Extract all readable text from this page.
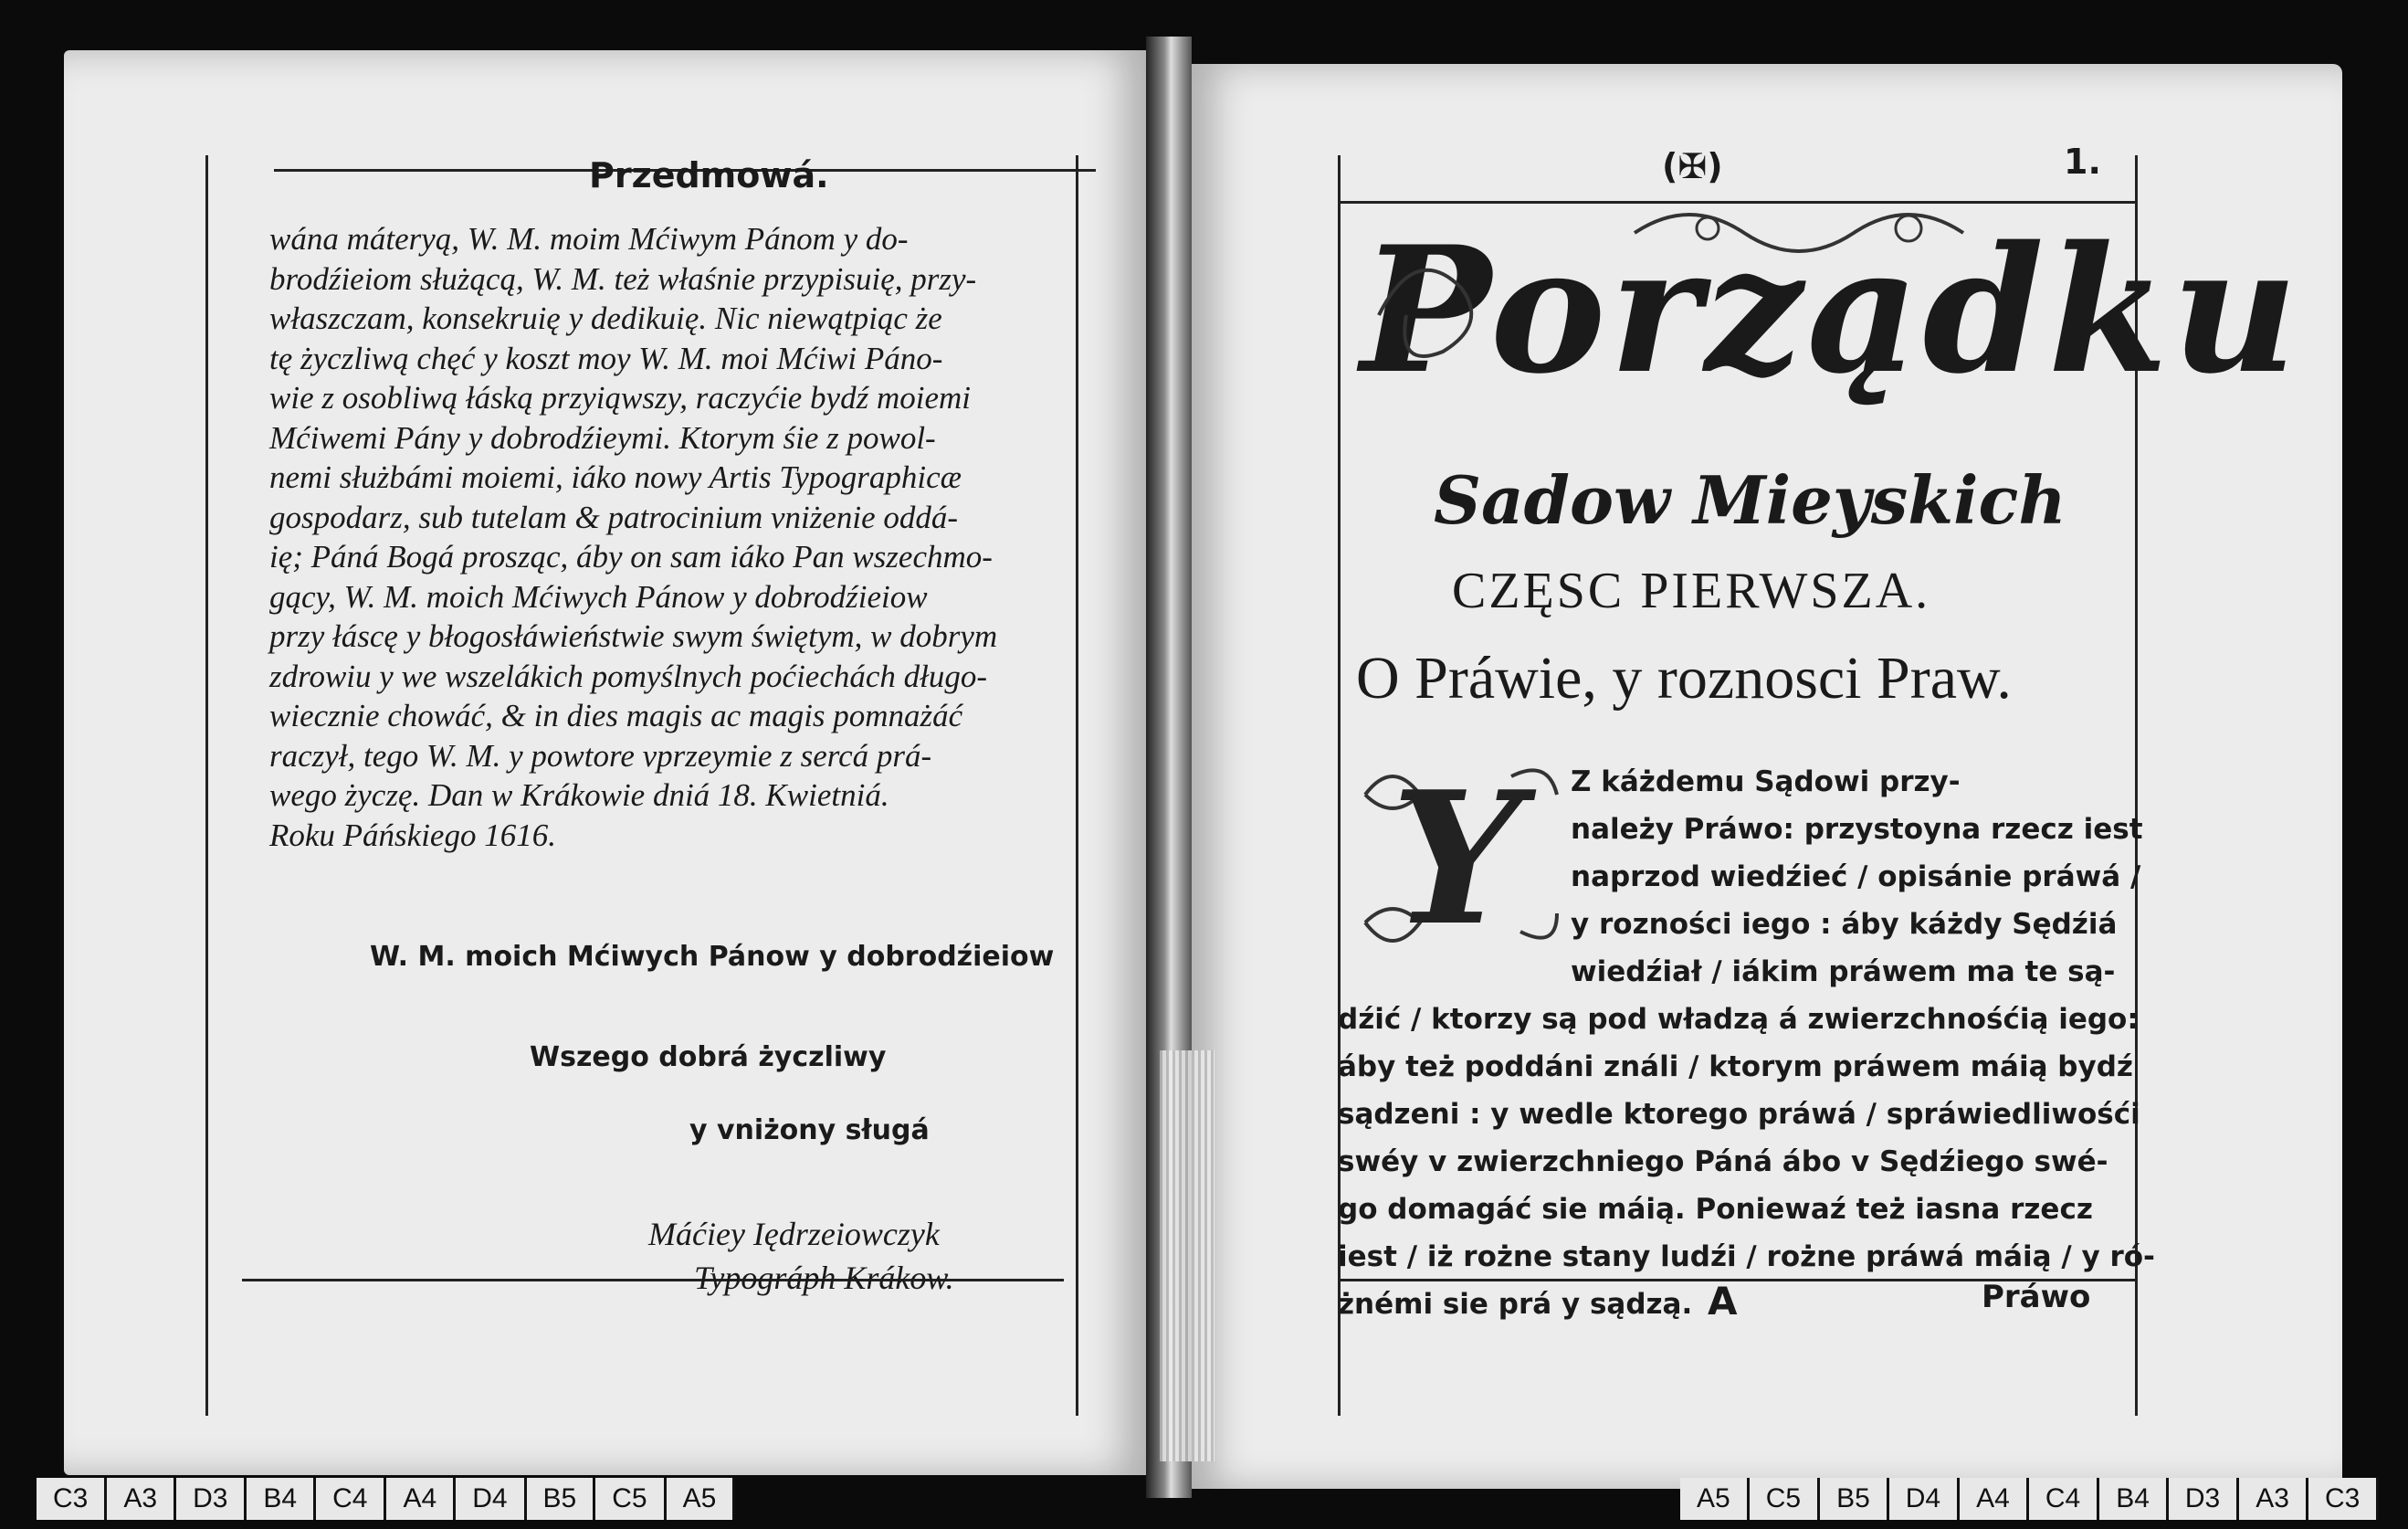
Przedmowá.

wána máteryą, W. M. moim Mćiwym Pánom y do-

brodźieiom służącą, W. M. też właśnie przypisuię, przy-

właszczam, konsekruię y dedikuię. Nic niewątpiąc że

tę życzliwą chęć y koszt moy W. M. moi Mćiwi Páno-

wie z osobliwą łáską przyiąwszy, raczyćie bydź moiemi

Mćiwemi Pány y dobrodźieymi. Ktorym śie z powol-

nemi służbámi moiemi, iáko nowy Artis Typographicæ

gospodarz, sub tutelam & patrocinium vniżenie oddá-

ię; Páná Bogá prosząc, áby on sam iáko Pan wszechmo-

gący, W. M. moich Mćiwych Pánow y dobrodźieiow

przy łáscę y błogosłáwieństwie swym świętym, w dobrym

zdrowiu y we wszelákich pomyślnych poćiechách długo-

wiecznie chowáć, & in dies magis ac magis pomnażáć

raczył, tego W. M. y powtore vprzeymie z sercá prá-

wego życzę. Dan w Krákowie dniá 18. Kwietniá.

Roku Páńskiego 1616.

W. M. moich Mćiwych Pánow y dobrodźieiow
Wszego dobrá życzliwy
y vniżony sługá
Máćiey Iędrzeiowczyk
Typográph Krákow.
(✠)	1.
Porządku
Sadow Mieyskich
CZĘSC PIERWSZA.
O Práwie, y roznosci Praw.
Y	Z káżdemu Sądowi przy-

należy Práwo: przystoyna rzecz iest

naprzod wiedźieć / opisánie práwá /

y rozności iego : áby káżdy Sędźiá

wiedźiał / iákim práwem ma te są-

dźić / ktorzy są pod władzą á zwierzchnośćią iego:

áby też poddáni ználi / ktorym práwem máią bydź

sądzeni : y wedle ktorego práwá / spráwiedliwośći

swéy v zwierzchniego Páná ábo v Sędźiego swé-

go domagáć sie máią. Poniewaź też iasna rzecz

iest / iż rożne stany ludźi / rożne práwá máią / y ró-

żnémi sie prá y sądzą. A	Práwo
C3 A3 D3 B4 C4 A4 D4 B5 C5 A5	A5 C5 B5 D4 A4 C4 B4 D3 A3 C3
